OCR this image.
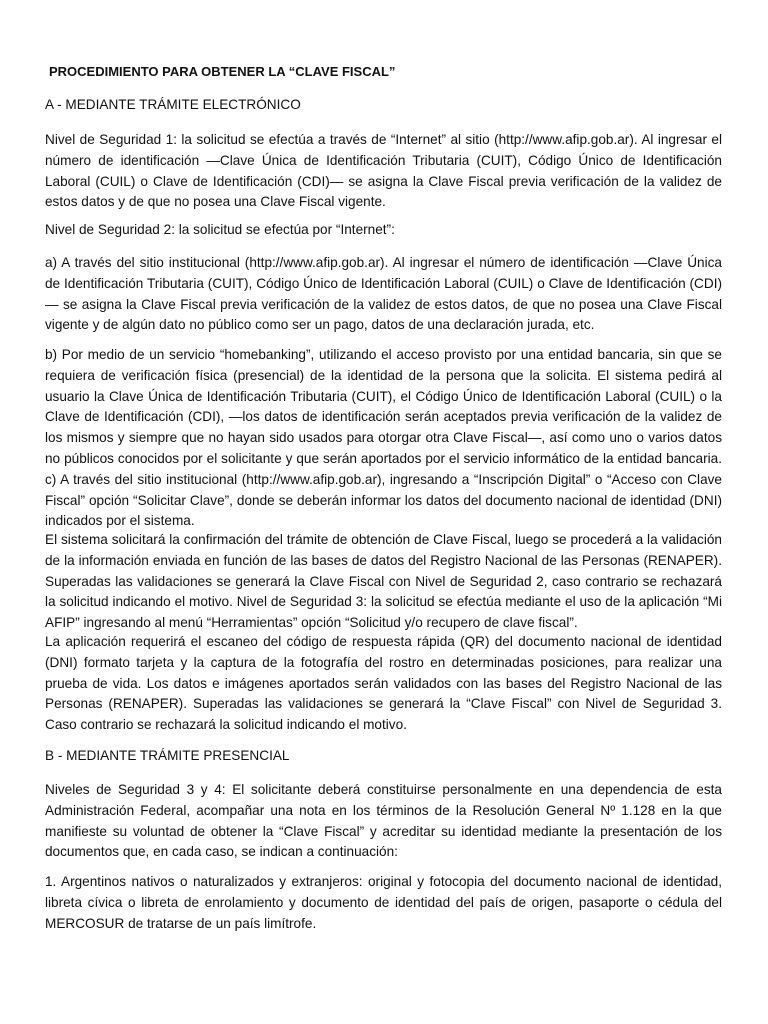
PROCEDIMIENTO PARA OBTENER LA “CLAVE FISCAL”

A - MEDIANTE TRÁMITE ELECTRÓNICO

Nivel de Seguridad 1: la solicitud se efectúa a través de “Internet” al sitio (http://www.afip.gob.ar). Al ingresar el número de identificación —Clave Única de Identificación Tributaria (CUIT), Código Único de Identificación Laboral (CUIL) o Clave de Identificación (CDI)— se asigna la Clave Fiscal previa verificación de la validez de estos datos y de que no posea una Clave Fiscal vigente.

Nivel de Seguridad 2: la solicitud se efectúa por “Internet”:

a) A través del sitio institucional (http://www.afip.gob.ar). Al ingresar el número de identificación —Clave Única de Identificación Tributaria (CUIT), Código Único de Identificación Laboral (CUIL) o Clave de Identificación (CDI)— se asigna la Clave Fiscal previa verificación de la validez de estos datos, de que no posea una Clave Fiscal vigente y de algún dato no público como ser un pago, datos de una declaración jurada, etc.

b) Por medio de un servicio “homebanking”, utilizando el acceso provisto por una entidad bancaria, sin que se requiera de verificación física (presencial) de la identidad de la persona que la solicita. El sistema pedirá al usuario la Clave Única de Identificación Tributaria (CUIT), el Código Único de Identificación Laboral (CUIL) o la Clave de Identificación (CDI), —los datos de identificación serán aceptados previa verificación de la validez de los mismos y siempre que no hayan sido usados para otorgar otra Clave Fiscal—, así como uno o varios datos no públicos conocidos por el solicitante y que serán aportados por el servicio informático de la entidad bancaria. c) A través del sitio institucional (http://www.afip.gob.ar), ingresando a “Inscripción Digital” o “Acceso con Clave Fiscal” opción “Solicitar Clave”, donde se deberán informar los datos del documento nacional de identidad (DNI) indicados por el sistema.

El sistema solicitará la confirmación del trámite de obtención de Clave Fiscal, luego se procederá a la validación de la información enviada en función de las bases de datos del Registro Nacional de las Personas (RENAPER). Superadas las validaciones se generará la Clave Fiscal con Nivel de Seguridad 2, caso contrario se rechazará la solicitud indicando el motivo. Nivel de Seguridad 3: la solicitud se efectúa mediante el uso de la aplicación “Mi AFIP” ingresando al menú “Herramientas” opción “Solicitud y/o recupero de clave fiscal”.

La aplicación requerirá el escaneo del código de respuesta rápida (QR) del documento nacional de identidad (DNI) formato tarjeta y la captura de la fotografía del rostro en determinadas posiciones, para realizar una prueba de vida. Los datos e imágenes aportados serán validados con las bases del Registro Nacional de las Personas (RENAPER). Superadas las validaciones se generará la “Clave Fiscal” con Nivel de Seguridad 3. Caso contrario se rechazará la solicitud indicando el motivo.

B - MEDIANTE TRÁMITE PRESENCIAL

Niveles de Seguridad 3 y 4: El solicitante deberá constituirse personalmente en una dependencia de esta Administración Federal, acompañar una nota en los términos de la Resolución General Nº 1.128 en la que manifieste su voluntad de obtener la “Clave Fiscal” y acreditar su identidad mediante la presentación de los documentos que, en cada caso, se indican a continuación:

1. Argentinos nativos o naturalizados y extranjeros: original y fotocopia del documento nacional de identidad, libreta cívica o libreta de enrolamiento y documento de identidad del país de origen, pasaporte o cédula del MERCOSUR de tratarse de un país limítrofe.
